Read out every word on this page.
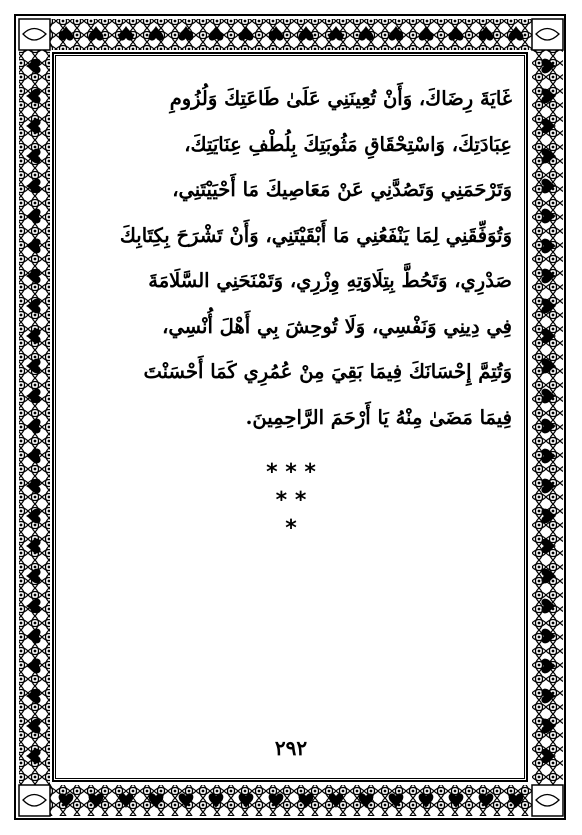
غَايَةَ رِضَاكَ، وَأَنْ تُعِينَنِي عَلَىٰ طَاعَتِكَ وَلُزُومِ

عِبَادَتِكَ، وَاسْتِحْقَاقِ مَثُوبَتِكَ بِلُطْفِ عِنَايَتِكَ،

وَتَرْحَمَنِي وَتَصُدَّنِي عَنْ مَعَاصِيكَ مَا أَحْيَيْتَنِي،

وَتُوَفِّقَنِي لِمَا يَنْفَعُنِي مَا أَبْقَيْتَنِي، وَأَنْ تَشْرَحَ بِكِتَابِكَ

صَدْرِي، وَتَحُطَّ بِتِلَاوَتِهِ وِزْرِي، وَتَمْنَحَنِي السَّلَامَةَ

فِي دِينِي وَنَفْسِي، وَلَا تُوحِشَ بِي أَهْلَ أُنْسِي،

وَتُتِمَّ إِحْسَانَكَ فِيمَا بَقِيَ مِنْ عُمُرِي كَمَا أَحْسَنْتَ

فِيمَا مَضَىٰ مِنْهُ يَا أَرْحَمَ الرَّاحِمِينَ.

* * *
* *
*
٢٩٢
